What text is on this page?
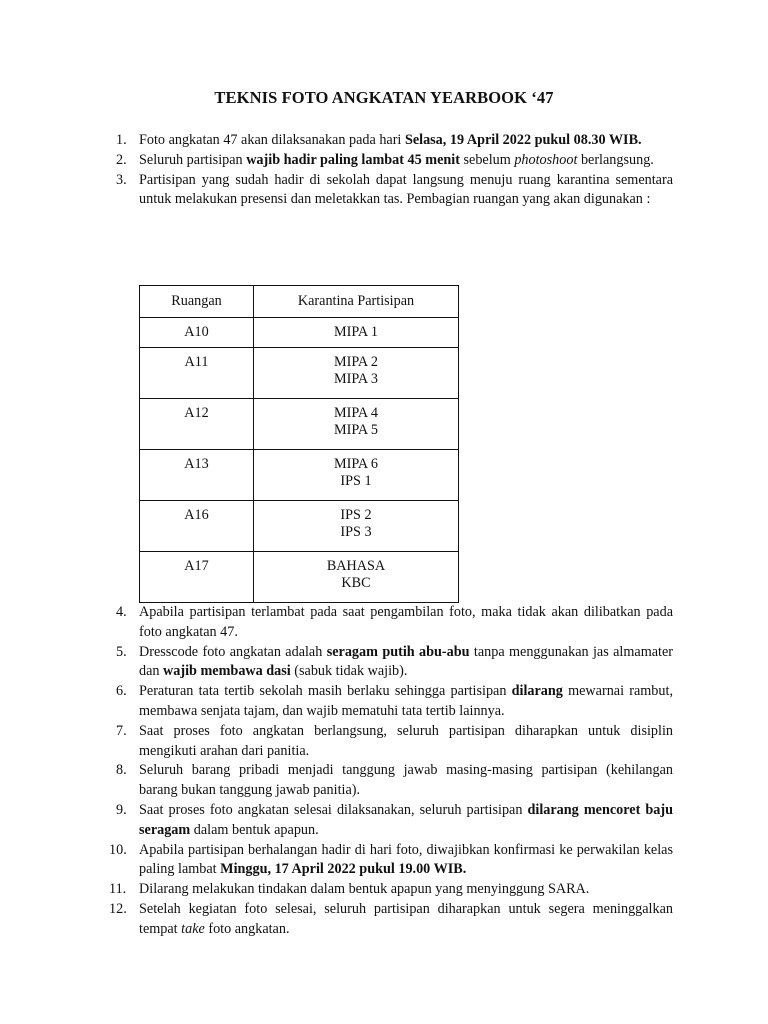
TEKNIS FOTO ANGKATAN YEARBOOK ‘47
1. Foto angkatan 47 akan dilaksanakan pada hari Selasa, 19 April 2022 pukul 08.30 WIB.
2. Seluruh partisipan wajib hadir paling lambat 45 menit sebelum photoshoot berlangsung.
3. Partisipan yang sudah hadir di sekolah dapat langsung menuju ruang karantina sementara untuk melakukan presensi dan meletakkan tas. Pembagian ruangan yang akan digunakan :
Ruangan	Karantina Partisipan
A10	MIPA 1

A11	MIPA 2
MIPA 3

A12	MIPA 4
MIPA 5

A13	MIPA 6
IPS 1

A16	IPS 2
IPS 3

A17	BAHASA
KBC
4. Apabila partisipan terlambat pada saat pengambilan foto, maka tidak akan dilibatkan pada foto angkatan 47.
5. Dresscode foto angkatan adalah seragam putih abu-abu tanpa menggunakan jas almamater dan wajib membawa dasi (sabuk tidak wajib).
6. Peraturan tata tertib sekolah masih berlaku sehingga partisipan dilarang mewarnai rambut, membawa senjata tajam, dan wajib mematuhi tata tertib lainnya.
7. Saat proses foto angkatan berlangsung, seluruh partisipan diharapkan untuk disiplin mengikuti arahan dari panitia.
8. Seluruh barang pribadi menjadi tanggung jawab masing-masing partisipan (kehilangan barang bukan tanggung jawab panitia).
9. Saat proses foto angkatan selesai dilaksanakan, seluruh partisipan dilarang mencoret baju seragam dalam bentuk apapun.
10. Apabila partisipan berhalangan hadir di hari foto, diwajibkan konfirmasi ke perwakilan kelas paling lambat Minggu, 17 April 2022 pukul 19.00 WIB.
11. Dilarang melakukan tindakan dalam bentuk apapun yang menyinggung SARA.
12. Setelah kegiatan foto selesai, seluruh partisipan diharapkan untuk segera meninggalkan tempat take foto angkatan.
